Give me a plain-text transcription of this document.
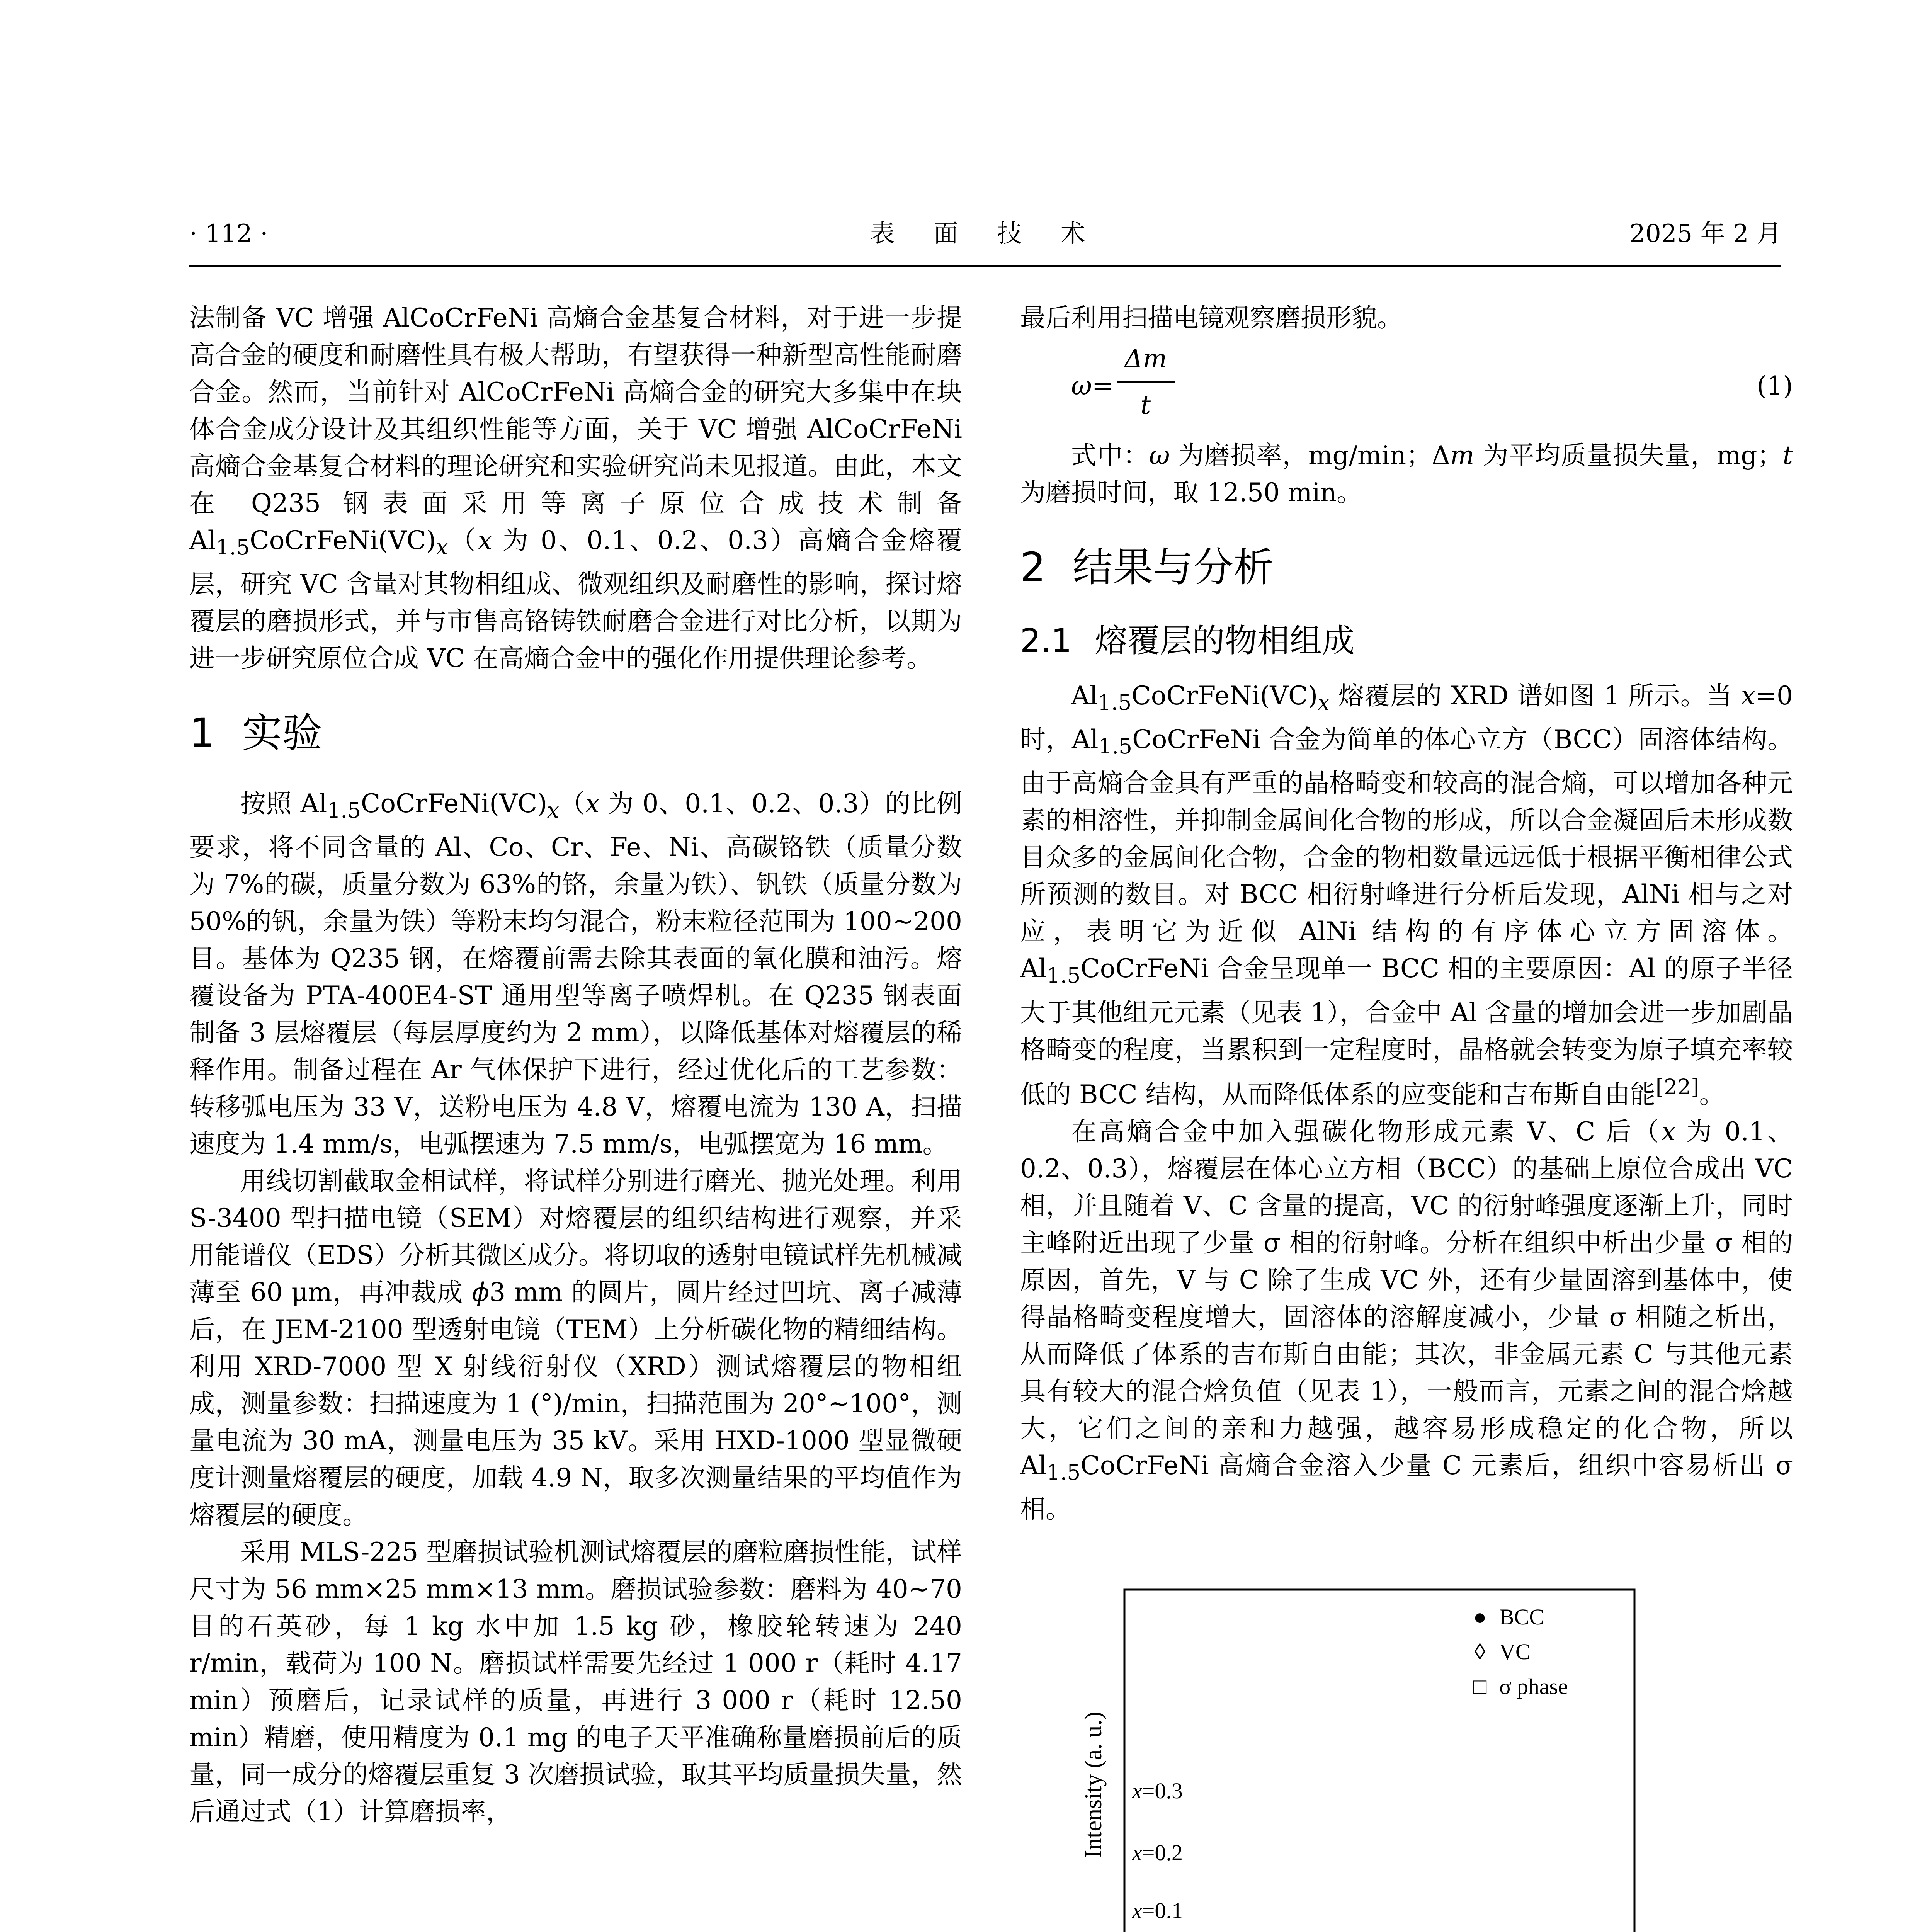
· 112 ·	表 面 技 术	2025 年 2 月

法制备 VC 增强 AlCoCrFeNi 高熵合金基复合材料，对于进一步提高合金的硬度和耐磨性具有极大帮助，有望获得一种新型高性能耐磨合金。然而，当前针对 AlCoCrFeNi 高熵合金的研究大多集中在块体合金成分设计及其组织性能等方面，关于 VC 增强 AlCoCrFeNi 高熵合金基复合材料的理论研究和实验研究尚未见报道。由此，本文在 Q235 钢表面采用等离子原位合成技术制备 $Al_{1.5}CoCrFeNi(VC)_x(x$ 为 0、0.1、0.2、0.3）高熵合金熔覆层，研究 VC 含量对其物相组成、微观组织及耐磨性的影响，探讨熔覆层的磨损形式，并与市售高铬铸铁耐磨合金进行对比分析，以期为进一步研究原位合成 VC 在高熵合金中的强化作用提供理论参考。

1 实验

按照 $Al_{1.5}CoCrFeNi(VC)_x(x$ 为 0、0.1、0.2、0.3）的比例要求，将不同含量的 Al、Co、Cr、Fe、Ni、高碳铬铁（质量分数为 7%的碳，质量分数为 63%的铬，余量为铁）、钒铁（质量分数为 50%的钒，余量为铁）等粉末均匀混合，粉末粒径范围为 100~200 目。基体为 Q235 钢，在熔覆前需去除其表面的氧化膜和油污。熔覆设备为 PTA-400E4-ST 通用型等离子喷焊机。在 Q235 钢表面制备 3 层熔覆层（每层厚度约为 2 mm），以降低基体对熔覆层的稀释作用。制备过程在 Ar 气体保护下进行，经过优化后的工艺参数：转移弧电压为 33 V，送粉电压为 4.8 V，熔覆电流为 130 A，扫描速度为 1.4 mm/s，电弧摆速为 7.5 mm/s，电弧摆宽为 16 mm。

用线切割截取金相试样，将试样分别进行磨光、抛光处理。利用 S-3400 型扫描电镜（SEM）对熔覆层的组织结构进行观察，并采用能谱仪（EDS）分析其微区成分。将切取的透射电镜试样先机械减薄至 60 μm，再冲裁成 ϕ3 mm 的圆片，圆片经过凹坑、离子减薄后，在 JEM-2100 型透射电镜（TEM）上分析碳化物的精细结构。利用 XRD-7000 型 X 射线衍射仪（XRD）测试熔覆层的物相组成，测量参数：扫描速度为 1 (°)/min，扫描范围为 20°~100°，测量电流为 30 mA，测量电压为 35 kV。采用 HXD-1000 型显微硬度计测量熔覆层的硬度，加载 4.9 N，取多次测量结果的平均值作为熔覆层的硬度。

采用 MLS-225 型磨损试验机测试熔覆层的磨粒磨损性能，试样尺寸为 56 mm×25 mm×13 mm。磨损试验参数：磨料为 40~70 目的石英砂，每 1 kg 水中加 1.5 kg 砂，橡胶轮转速为 240 r/min，载荷为 100 N。磨损试样需要先经过 1 000 r（耗时 4.17 min）预磨后，记录试样的质量，再进行 3 000 r（耗时 12.50 min）精磨，使用精度为 0.1 mg 的电子天平准确称量磨损前后的质量，同一成分的熔覆层重复 3 次磨损试验，取其平均质量损失量，然后通过式（1）计算磨损率，

最后利用扫描电镜观察磨损形貌。

ω=
Δm
t
(1)

式中：ω 为磨损率，mg/min；Δm 为平均质量损失量，mg；t 为磨损时间，取 12.50 min。

2 结果与分析
2.1 熔覆层的物相组成

$Al_{1.5}CoCrFeNi(VC)_x$ 熔覆层的 XRD 谱如图 1 所示。当 x=0 时，$Al_{1.5}CoCrFeNi$ 合金为简单的体心立方（BCC）固溶体结构。由于高熵合金具有严重的晶格畸变和较高的混合熵，可以增加各种元素的相溶性，并抑制金属间化合物的形成，所以合金凝固后未形成数目众多的金属间化合物，合金的物相数量远远低于根据平衡相律公式所预测的数目。对 BCC 相衍射峰进行分析后发现，AlNi 相与之对应，表明它为近似 AlNi 结构的有序体心立方固溶体。$Al_{1.5}CoCrFeNi$ 合金呈现单一 BCC 相的主要原因：Al 的原子半径大于其他组元元素（见表 1），合金中 Al 含量的增加会进一步加剧晶格畸变的程度，当累积到一定程度时，晶格就会转变为原子填充率较低的 BCC 结构，从而降低体系的应变能和吉布斯自由能[22]。

在高熵合金中加入强碳化物形成元素 V、C 后（x 为 0.1、0.2、0.3），熔覆层在体心立方相（BCC）的基础上原位合成出 VC 相，并且随着 V、C 含量的提高，VC 的衍射峰强度逐渐上升，同时主峰附近出现了少量 σ 相的衍射峰。分析在组织中析出少量 σ 相的原因，首先，V 与 C 除了生成 VC 外，还有少量固溶到基体中，使得晶格畸变程度增大，固溶体的溶解度减小，少量 σ 相随之析出，从而降低了体系的吉布斯自由能；其次，非金属元素 C 与其他元素具有较大的混合焓负值（见表 1），一般而言，元素之间的混合焓越大，它们之间的亲和力越强，越容易形成稳定的化合物，所以 $Al_{1.5}CoCrFeNi$ 高熵合金溶入少量 C 元素后，组织中容易析出 σ 相。

Intensity (a. u.)
x=0.1
x=0.2
x=0.3
● BCC
◊ VC
□ σ phase
